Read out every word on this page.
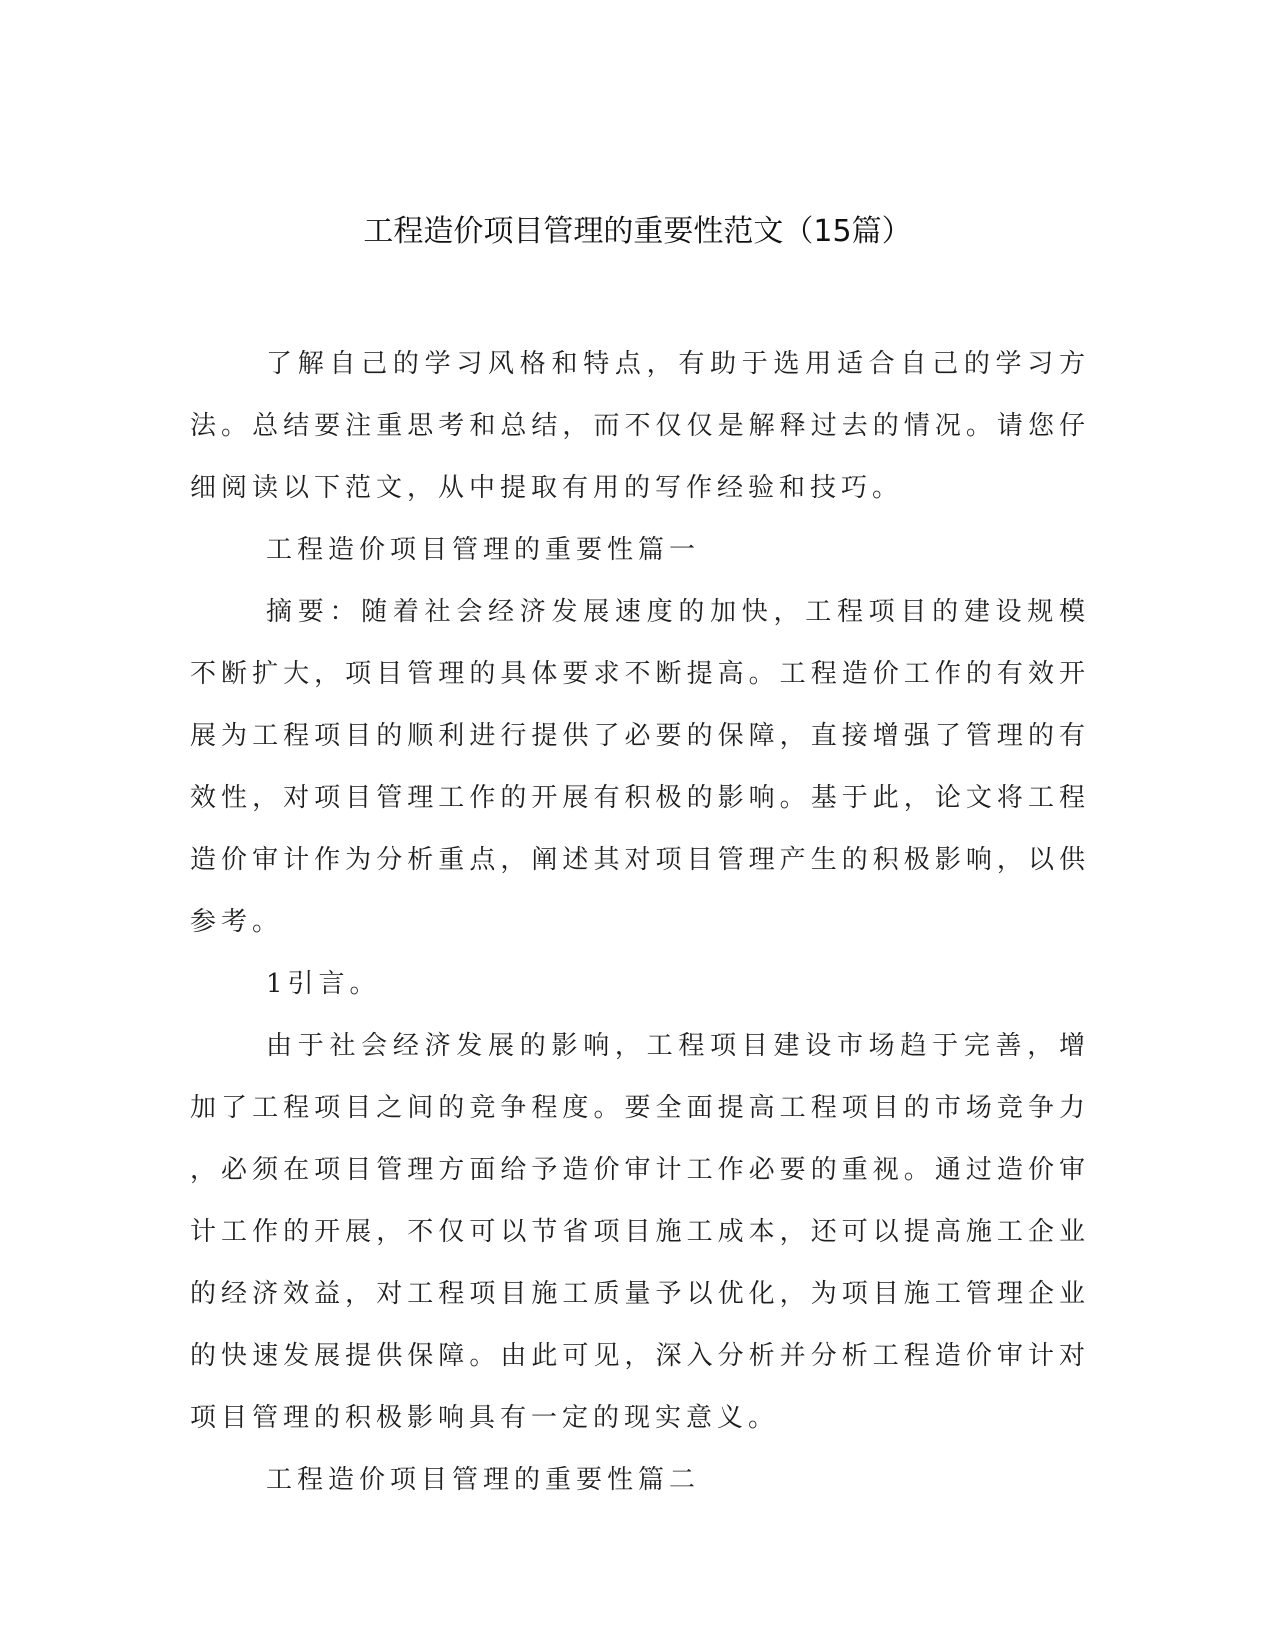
工程造价项目管理的重要性范文（15篇）

了解自己的学习风格和特点，有助于选用适合自己的学习方法。总结要注重思考和总结，而不仅仅是解释过去的情况。请您仔细阅读以下范文，从中提取有用的写作经验和技巧。

工程造价项目管理的重要性篇一

摘要：随着社会经济发展速度的加快，工程项目的建设规模不断扩大，项目管理的具体要求不断提高。工程造价工作的有效开展为工程项目的顺利进行提供了必要的保障，直接增强了管理的有效性，对项目管理工作的开展有积极的影响。基于此，论文将工程造价审计作为分析重点，阐述其对项目管理产生的积极影响，以供参考。

1引言。

由于社会经济发展的影响，工程项目建设市场趋于完善，增加了工程项目之间的竞争程度。要全面提高工程项目的市场竞争力，必须在项目管理方面给予造价审计工作必要的重视。通过造价审计工作的开展，不仅可以节省项目施工成本，还可以提高施工企业的经济效益，对工程项目施工质量予以优化，为项目施工管理企业的快速发展提供保障。由此可见，深入分析并分析工程造价审计对项目管理的积极影响具有一定的现实意义。

工程造价项目管理的重要性篇二
